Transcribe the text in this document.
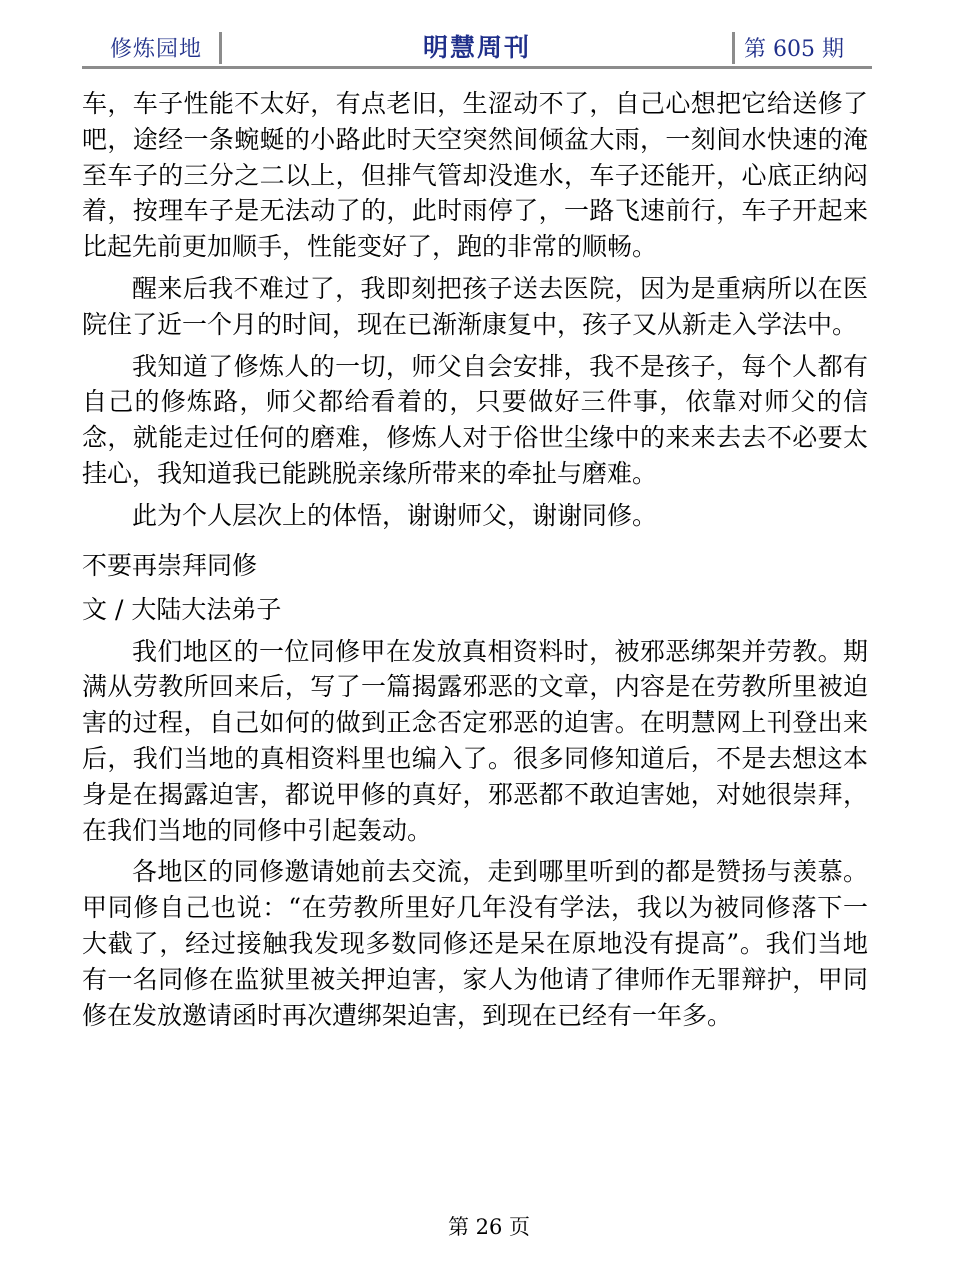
修炼园地	明慧周刊	第 605 期

车，车子性能不太好，有点老旧，生涩动不了，自己心想把它给送修了吧，途经一条蜿蜒的小路此时天空突然间倾盆大雨，一刻间水快速的淹至车子的三分之二以上，但排气管却没進水，车子还能开，心底正纳闷着，按理车子是无法动了的，此时雨停了，一路飞速前行，车子开起来比起先前更加顺手，性能变好了，跑的非常的顺畅。

醒来后我不难过了，我即刻把孩子送去医院，因为是重病所以在医院住了近一个月的时间，现在已渐渐康复中，孩子又从新走入学法中。

我知道了修炼人的一切，师父自会安排，我不是孩子，每个人都有自己的修炼路，师父都给看着的，只要做好三件事，依靠对师父的信念，就能走过任何的磨难，修炼人对于俗世尘缘中的来来去去不必要太挂心，我知道我已能跳脱亲缘所带来的牵扯与磨难。

此为个人层次上的体悟，谢谢师父，谢谢同修。

不要再崇拜同修
文 / 大陆大法弟子

我们地区的一位同修甲在发放真相资料时，被邪恶绑架并劳教。期满从劳教所回来后，写了一篇揭露邪恶的文章，内容是在劳教所里被迫害的过程，自己如何的做到正念否定邪恶的迫害。在明慧网上刊登出来后，我们当地的真相资料里也编入了。很多同修知道后，不是去想这本身是在揭露迫害，都说甲修的真好，邪恶都不敢迫害她，对她很崇拜，在我们当地的同修中引起轰动。

各地区的同修邀请她前去交流，走到哪里听到的都是赞扬与羡慕。甲同修自己也说：“在劳教所里好几年没有学法，我以为被同修落下一大截了，经过接触我发现多数同修还是呆在原地没有提高”。我们当地有一名同修在监狱里被关押迫害，家人为他请了律师作无罪辩护，甲同修在发放邀请函时再次遭绑架迫害，到现在已经有一年多。

第 26 页
